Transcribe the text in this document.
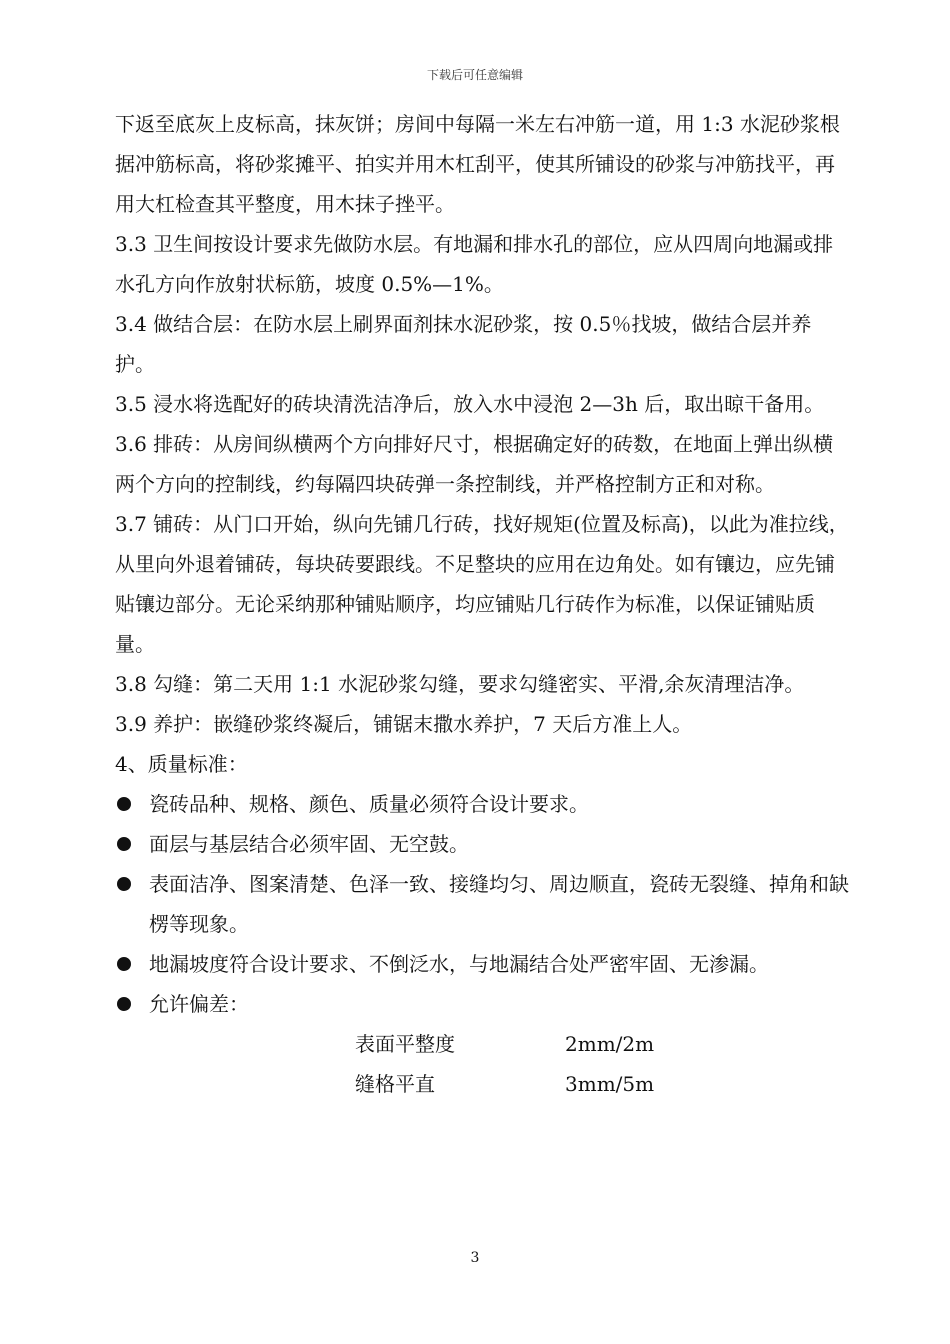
下载后可任意编辑

下返至底灰上皮标高，抹灰饼；房间中每隔一米左右冲筋一道，用 1:3 水泥砂浆根据冲筋标高，将砂浆摊平、拍实并用木杠刮平，使其所铺设的砂浆与冲筋找平，再用大杠检查其平整度，用木抹子挫平。

3.3 卫生间按设计要求先做防水层。有地漏和排水孔的部位，应从四周向地漏或排水孔方向作放射状标筋，坡度 0.5%—1%。

3.4 做结合层：在防水层上刷界面剂抹水泥砂浆，按 0.5％找坡，做结合层并养护。

3.5 浸水将选配好的砖块清洗洁净后，放入水中浸泡 2—3h 后，取出晾干备用。

3.6 排砖：从房间纵横两个方向排好尺寸，根据确定好的砖数，在地面上弹出纵横两个方向的控制线，约每隔四块砖弹一条控制线，并严格控制方正和对称。

3.7 铺砖：从门口开始，纵向先铺几行砖，找好规矩(位置及标高)，以此为准拉线，从里向外退着铺砖，每块砖要跟线。不足整块的应用在边角处。如有镶边，应先铺贴镶边部分。无论采纳那种铺贴顺序，均应铺贴几行砖作为标准，以保证铺贴质量。

3.8 勾缝：第二天用 1:1 水泥砂浆勾缝，要求勾缝密实、平滑,余灰清理洁净。

3.9 养护：嵌缝砂浆终凝后，铺锯末撒水养护，7 天后方准上人。

4、质量标准：

瓷砖品种、规格、颜色、质量必须符合设计要求。
面层与基层结合必须牢固、无空鼓。
表面洁净、图案清楚、色泽一致、接缝均匀、周边顺直，瓷砖无裂缝、掉角和缺楞等现象。
地漏坡度符合设计要求、不倒泛水，与地漏结合处严密牢固、无渗漏。
允许偏差：
表面平整度	2mm/2m
缝格平直	3mm/5m
3
